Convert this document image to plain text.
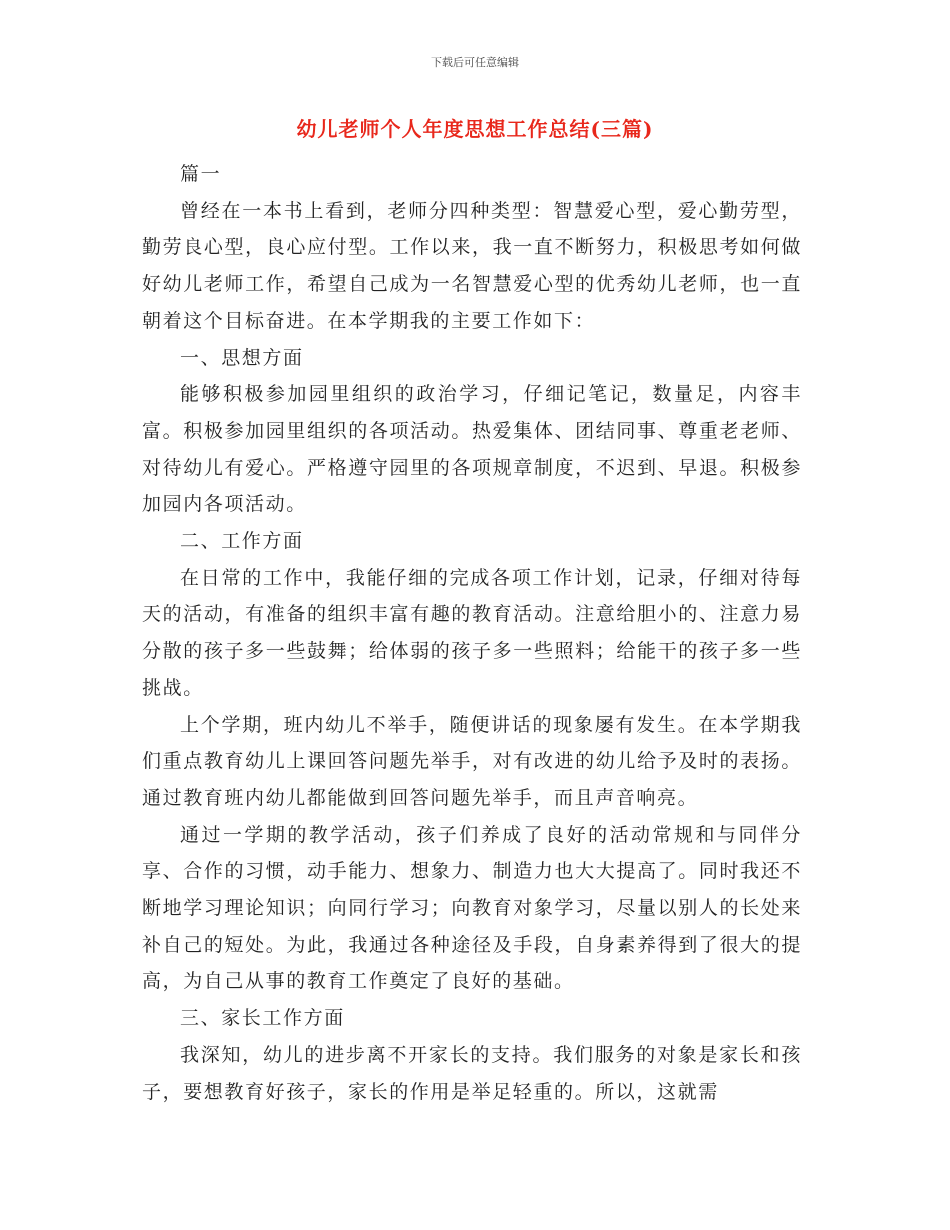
下载后可任意编辑
幼儿老师个人年度思想工作总结(三篇)

篇一

曾经在一本书上看到，老师分四种类型：智慧爱心型，爱心勤劳型，勤劳良心型，良心应付型。工作以来，我一直不断努力，积极思考如何做好幼儿老师工作，希望自己成为一名智慧爱心型的优秀幼儿老师，也一直朝着这个目标奋进。在本学期我的主要工作如下：

一、思想方面

能够积极参加园里组织的政治学习，仔细记笔记，数量足，内容丰富。积极参加园里组织的各项活动。热爱集体、团结同事、尊重老老师、对待幼儿有爱心。严格遵守园里的各项规章制度，不迟到、早退。积极参加园内各项活动。

二、工作方面

在日常的工作中，我能仔细的完成各项工作计划，记录，仔细对待每天的活动，有准备的组织丰富有趣的教育活动。注意给胆小的、注意力易分散的孩子多一些鼓舞；给体弱的孩子多一些照料；给能干的孩子多一些挑战。

上个学期，班内幼儿不举手，随便讲话的现象屡有发生。在本学期我们重点教育幼儿上课回答问题先举手，对有改进的幼儿给予及时的表扬。通过教育班内幼儿都能做到回答问题先举手，而且声音响亮。

通过一学期的教学活动，孩子们养成了良好的活动常规和与同伴分享、合作的习惯，动手能力、想象力、制造力也大大提高了。同时我还不断地学习理论知识；向同行学习；向教育对象学习，尽量以别人的长处来补自己的短处。为此，我通过各种途径及手段，自身素养得到了很大的提高，为自己从事的教育工作奠定了良好的基础。

三、家长工作方面

我深知，幼儿的进步离不开家长的支持。我们服务的对象是家长和孩子，要想教育好孩子，家长的作用是举足轻重的。所以，这就需
